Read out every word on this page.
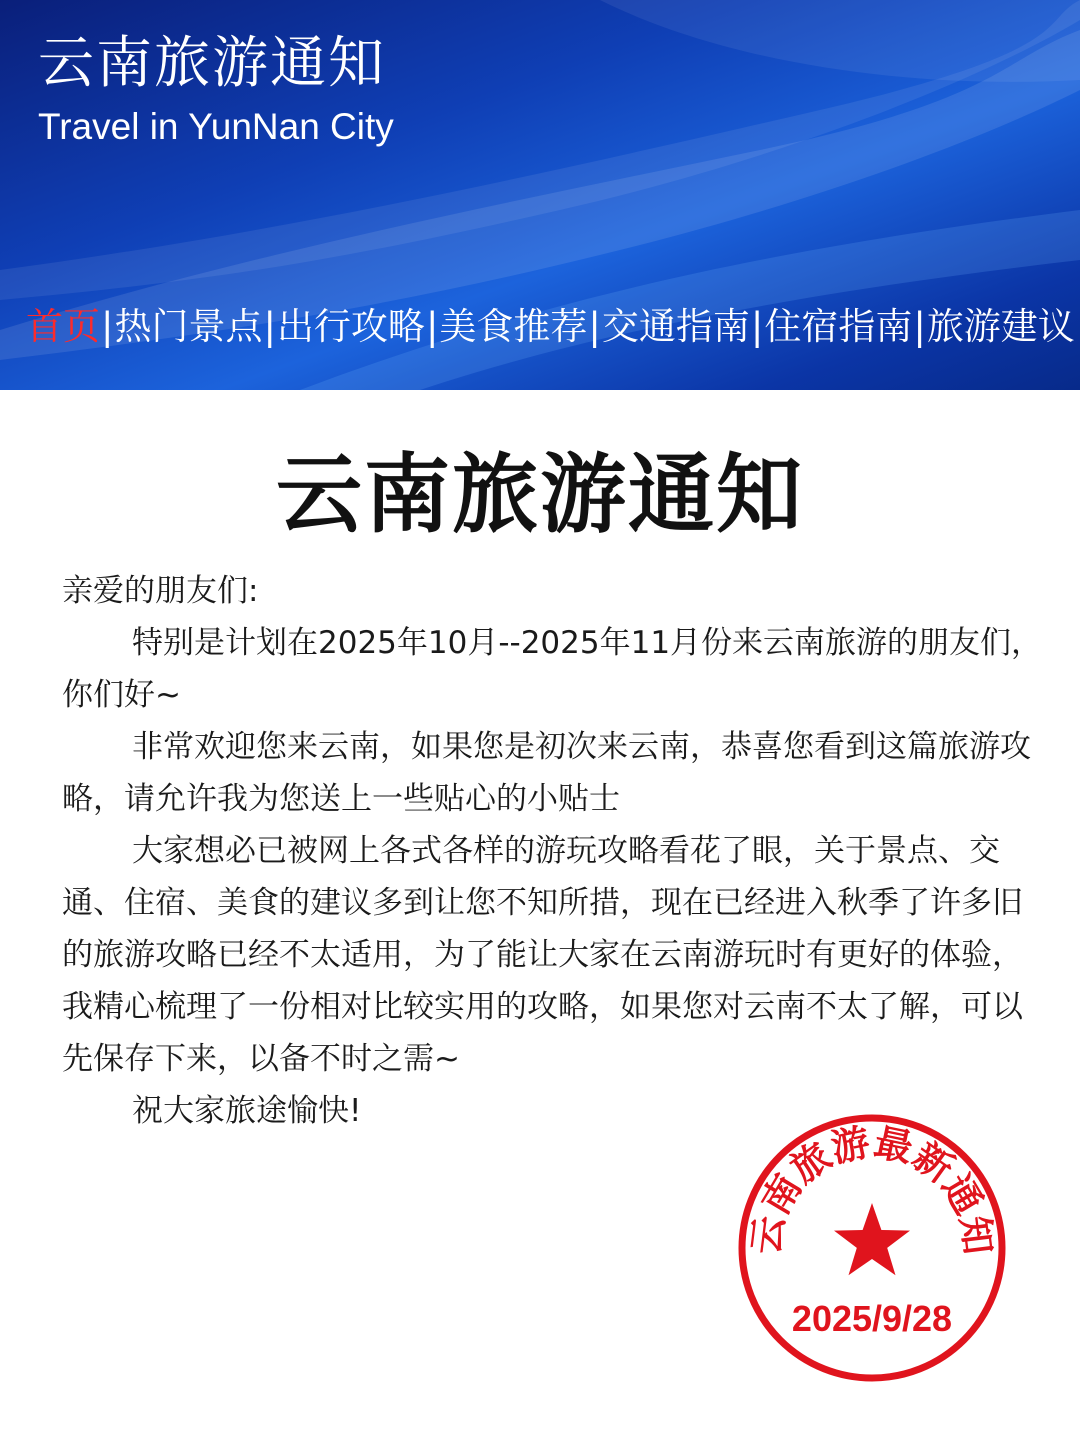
云南旅游通知
Travel in YunNan City
首页 | 热门景点 | 出行攻略 | 美食推荐 | 交通指南 | 住宿指南 | 旅游建议
云南旅游通知

亲爱的朋友们:

特别是计划在2025年10月--2025年11月份来云南旅游的朋友们，你们好~

非常欢迎您来云南，如果您是初次来云南，恭喜您看到这篇旅游攻略，请允许我为您送上一些贴心的小贴士

大家想必已被网上各式各样的游玩攻略看花了眼，关于景点、交通、住宿、美食的建议多到让您不知所措，现在已经进入秋季了许多旧的旅游攻略已经不太适用，为了能让大家在云南游玩时有更好的体验，我精心梳理了一份相对比较实用的攻略，如果您对云南不太了解，可以先保存下来，以备不时之需~

祝大家旅途愉快!

云南旅游最新通知
2025/9/28
